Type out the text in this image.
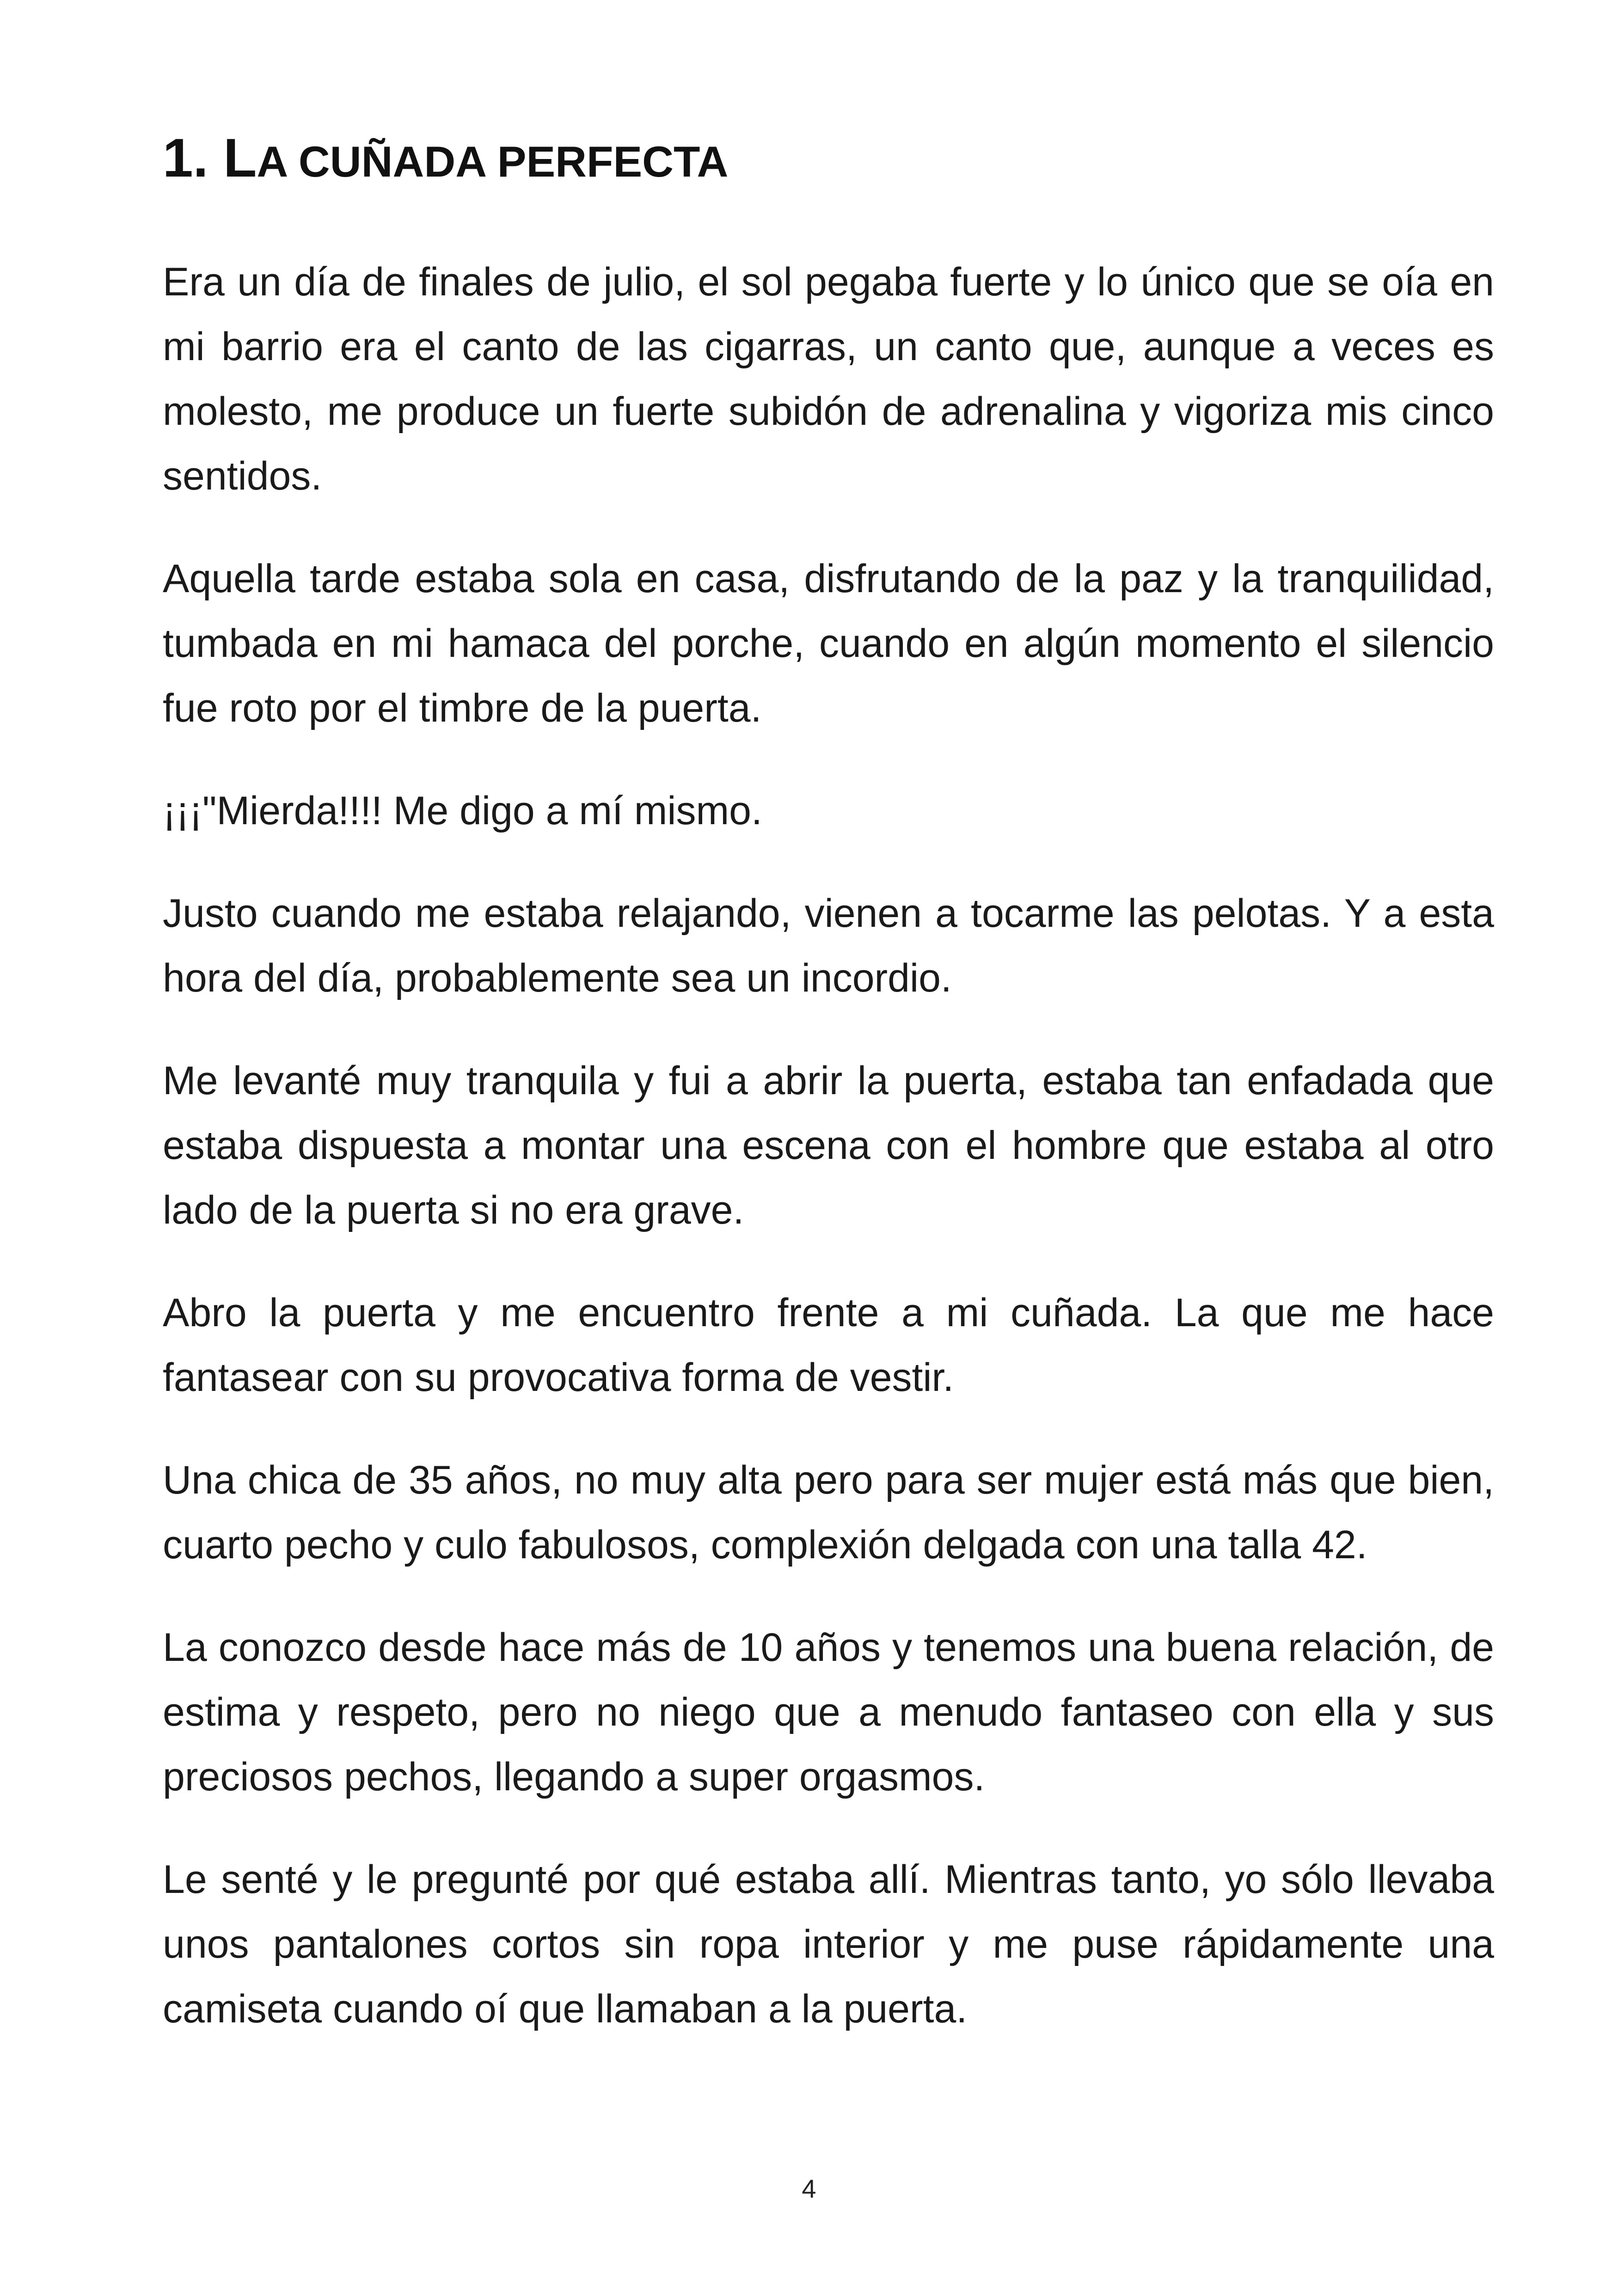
1. LA CUÑADA PERFECTA

Era un día de finales de julio, el sol pegaba fuerte y lo único que se oía en mi barrio era el canto de las cigarras, un canto que, aunque a veces es molesto, me produce un fuerte subidón de adrenalina y vigoriza mis cinco sentidos.

Aquella tarde estaba sola en casa, disfrutando de la paz y la tranquilidad, tumbada en mi hamaca del porche, cuando en algún momento el silencio fue roto por el timbre de la puerta.

¡¡¡"Mierda!!!! Me digo a mí mismo.

Justo cuando me estaba relajando, vienen a tocarme las pelotas. Y a esta hora del día, probablemente sea un incordio.

Me levanté muy tranquila y fui a abrir la puerta, estaba tan enfadada que estaba dispuesta a montar una escena con el hombre que estaba al otro lado de la puerta si no era grave.

Abro la puerta y me encuentro frente a mi cuñada. La que me hace fantasear con su provocativa forma de vestir.

Una chica de 35 años, no muy alta pero para ser mujer está más que bien, cuarto pecho y culo fabulosos, complexión delgada con una talla 42.

La conozco desde hace más de 10 años y tenemos una buena relación, de estima y respeto, pero no niego que a menudo fantaseo con ella y sus preciosos pechos, llegando a super orgasmos.

Le senté y le pregunté por qué estaba allí. Mientras tanto, yo sólo llevaba unos pantalones cortos sin ropa interior y me puse rápidamente una camiseta cuando oí que llamaban a la puerta.

4
